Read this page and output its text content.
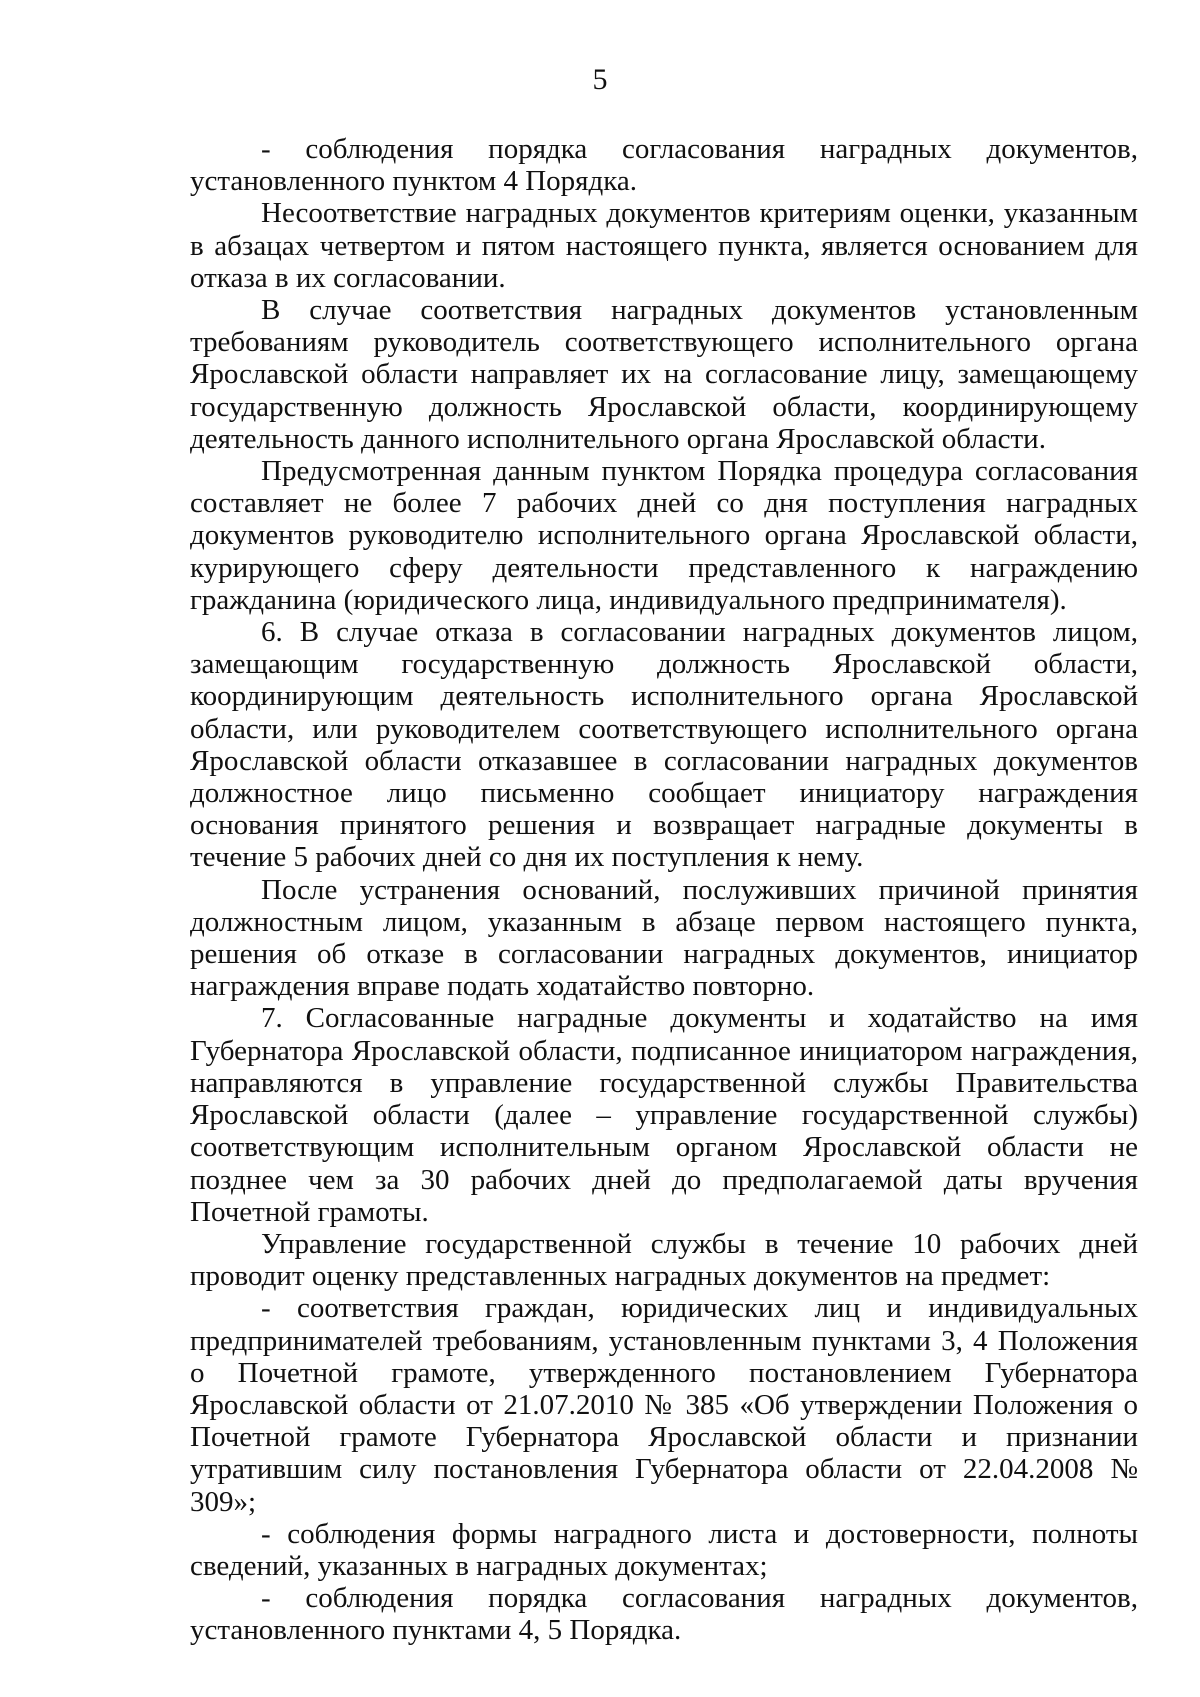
5

- соблюдения порядка согласования наградных документов, установленного пунктом 4 Порядка.

Несоответствие наградных документов критериям оценки, указанным в абзацах четвертом и пятом настоящего пункта, является основанием для отказа в их согласовании.

В случае соответствия наградных документов установленным требованиям руководитель соответствующего исполнительного органа Ярославской области направляет их на согласование лицу, замещающему государственную должность Ярославской области, координирующему деятельность данного исполнительного органа Ярославской области.

Предусмотренная данным пунктом Порядка процедура согласования составляет не более 7 рабочих дней со дня поступления наградных документов руководителю исполнительного органа Ярославской области, курирующего сферу деятельности представленного к награждению гражданина (юридического лица, индивидуального предпринимателя).

6. В случае отказа в согласовании наградных документов лицом, замещающим государственную должность Ярославской области, координирующим деятельность исполнительного органа Ярославской области, или руководителем соответствующего исполнительного органа Ярославской области отказавшее в согласовании наградных документов должностное лицо письменно сообщает инициатору награждения основания принятого решения и возвращает наградные документы в течение 5 рабочих дней со дня их поступления к нему.

После устранения оснований, послуживших причиной принятия должностным лицом, указанным в абзаце первом настоящего пункта, решения об отказе в согласовании наградных документов, инициатор награждения вправе подать ходатайство повторно.

7. Согласованные наградные документы и ходатайство на имя Губернатора Ярославской области, подписанное инициатором награждения, направляются в управление государственной службы Правительства Ярославской области (далее – управление государственной службы) соответствующим исполнительным органом Ярославской области не позднее чем за 30 рабочих дней до предполагаемой даты вручения Почетной грамоты.

Управление государственной службы в течение 10 рабочих дней проводит оценку представленных наградных документов на предмет:

- соответствия граждан, юридических лиц и индивидуальных предпринимателей требованиям, установленным пунктами 3, 4 Положения о Почетной грамоте, утвержденного постановлением Губернатора Ярославской области от 21.07.2010 № 385 «Об утверждении Положения о Почетной грамоте Губернатора Ярославской области и признании утратившим силу постановления Губернатора области от 22.04.2008 № 309»;

- соблюдения формы наградного листа и достоверности, полноты сведений, указанных в наградных документах;

- соблюдения порядка согласования наградных документов, установленного пунктами 4, 5 Порядка.
